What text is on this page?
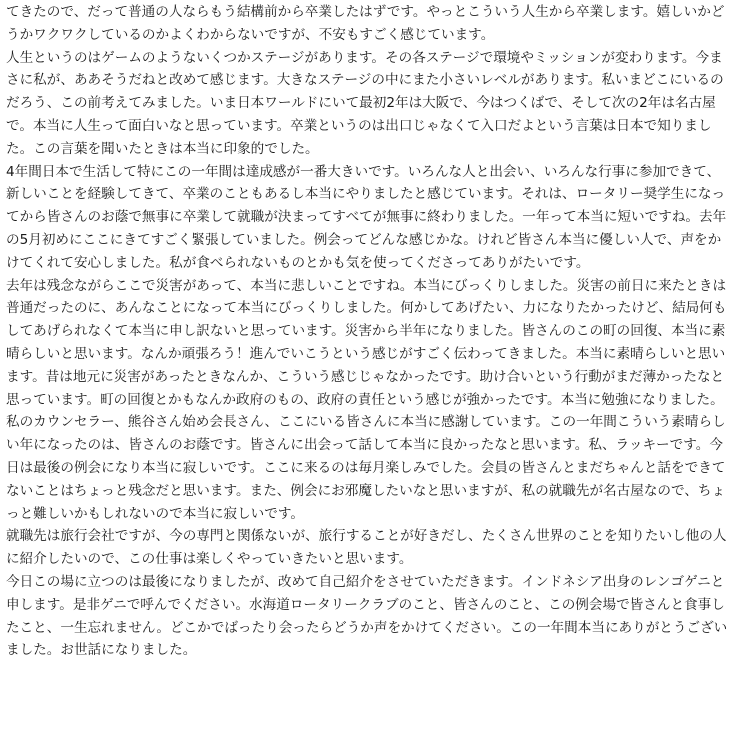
てきたので、だって普通の人ならもう結構前から卒業したはずです。やっとこういう人生から卒業します。嬉しいかどうかワクワクしているのかよくわからないですが、不安もすごく感じています。

人生というのはゲームのようないくつかステージがあります。その各ステージで環境やミッションが変わります。今まさに私が、ああそうだねと改めて感じます。大きなステージの中にまた小さいレベルがあります。私いまどこにいるのだろう、この前考えてみました。いま日本ワールドにいて最初2年は大阪で、今はつくばで、そして次の2年は名古屋で。本当に人生って面白いなと思っています。卒業というのは出口じゃなくて入口だよという言葉は日本で知りました。この言葉を聞いたときは本当に印象的でした。

4年間日本で生活して特にこの一年間は達成感が一番大きいです。いろんな人と出会い、いろんな行事に参加できて、新しいことを経験してきて、卒業のこともあるし本当にやりましたと感じています。それは、ロータリー奨学生になってから皆さんのお蔭で無事に卒業して就職が決まってすべてが無事に終わりました。一年って本当に短いですね。去年の5月初めにここにきてすごく緊張していました。例会ってどんな感じかな。けれど皆さん本当に優しい人で、声をかけてくれて安心しました。私が食べられないものとかも気を使ってくださってありがたいです。

去年は残念ながらここで災害があって、本当に悲しいことですね。本当にびっくりしました。災害の前日に来たときは普通だったのに、あんなことになって本当にびっくりしました。何かしてあげたい、力になりたかったけど、結局何もしてあげられなくて本当に申し訳ないと思っています。災害から半年になりました。皆さんのこの町の回復、本当に素晴らしいと思います。なんか頑張ろう！進んでいこうという感じがすごく伝わってきました。本当に素晴らしいと思います。昔は地元に災害があったときなんか、こういう感じじゃなかったです。助け合いという行動がまだ薄かったなと思っています。町の回復とかもなんか政府のもの、政府の責任という感じが強かったです。本当に勉強になりました。

私のカウンセラー、熊谷さん始め会長さん、ここにいる皆さんに本当に感謝しています。この一年間こういう素晴らしい年になったのは、皆さんのお蔭です。皆さんに出会って話して本当に良かったなと思います。私、ラッキーです。今日は最後の例会になり本当に寂しいです。ここに来るのは毎月楽しみでした。会員の皆さんとまだちゃんと話をできてないことはちょっと残念だと思います。また、例会にお邪魔したいなと思いますが、私の就職先が名古屋なので、ちょっと難しいかもしれないので本当に寂しいです。

就職先は旅行会社ですが、今の専門と関係ないが、旅行することが好きだし、たくさん世界のことを知りたいし他の人に紹介したいので、この仕事は楽しくやっていきたいと思います。

今日この場に立つのは最後になりましたが、改めて自己紹介をさせていただきます。インドネシア出身のレンゴゲニと申します。是非ゲニで呼んでください。水海道ロータリークラブのこと、皆さんのこと、この例会場で皆さんと食事したこと、一生忘れません。どこかでばったり会ったらどうか声をかけてください。この一年間本当にありがとうございました。お世話になりました。
